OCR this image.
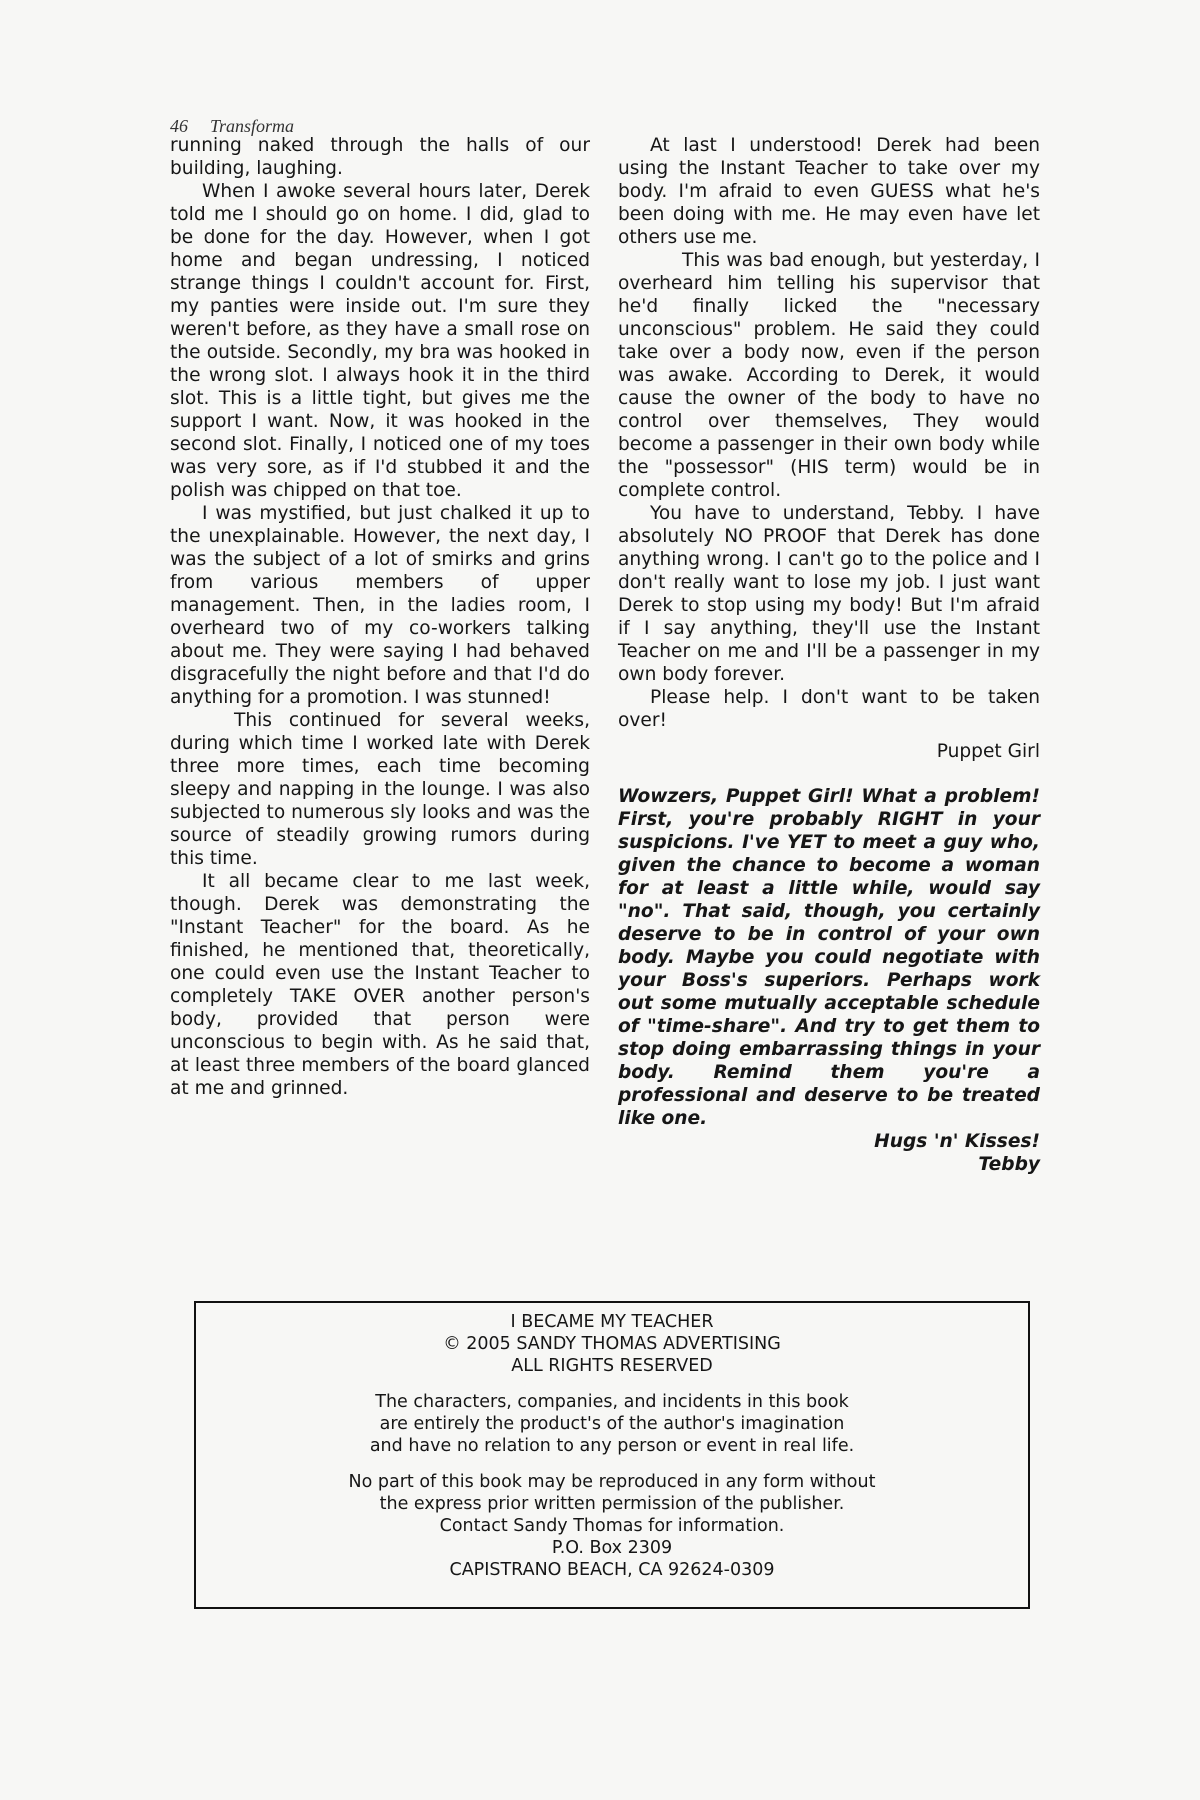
46 Transforma

running naked through the halls of our building, laughing.

When I awoke several hours later, Derek told me I should go on home. I did, glad to be done for the day. However, when I got home and began undressing, I noticed strange things I couldn't account for. First, my panties were inside out. I'm sure they weren't before, as they have a small rose on the outside. Secondly, my bra was hooked in the wrong slot. I always hook it in the third slot. This is a little tight, but gives me the support I want. Now, it was hooked in the second slot. Finally, I noticed one of my toes was very sore, as if I'd stubbed it and the polish was chipped on that toe.

I was mystified, but just chalked it up to the unexplainable. However, the next day, I was the subject of a lot of smirks and grins from various members of upper management. Then, in the ladies room, I overheard two of my co-workers talking about me. They were saying I had behaved disgracefully the night before and that I'd do anything for a promotion. I was stunned!

This continued for several weeks, during which time I worked late with Derek three more times, each time becoming sleepy and napping in the lounge. I was also subjected to numerous sly looks and was the source of steadily growing rumors during this time.

It all became clear to me last week, though. Derek was demonstrating the "Instant Teacher" for the board. As he finished, he mentioned that, theoretically, one could even use the Instant Teacher to completely TAKE OVER another person's body, provided that person were unconscious to begin with. As he said that, at least three members of the board glanced at me and grinned.

At last I understood! Derek had been using the Instant Teacher to take over my body. I'm afraid to even GUESS what he's been doing with me. He may even have let others use me.

This was bad enough, but yesterday, I overheard him telling his supervisor that he'd finally licked the "necessary unconscious" problem. He said they could take over a body now, even if the person was awake. According to Derek, it would cause the owner of the body to have no control over themselves, They would become a passenger in their own body while the "possessor" (HIS term) would be in complete control.

You have to understand, Tebby. I have absolutely NO PROOF that Derek has done anything wrong. I can't go to the police and I don't really want to lose my job. I just want Derek to stop using my body! But I'm afraid if I say anything, they'll use the Instant Teacher on me and I'll be a passenger in my own body forever.

Please help. I don't want to be taken over!

Puppet Girl

Wowzers, Puppet Girl! What a problem! First, you're probably RIGHT in your suspicions. I've YET to meet a guy who, given the chance to become a woman for at least a little while, would say "no". That said, though, you certainly deserve to be in control of your own body. Maybe you could negotiate with your Boss's superiors. Perhaps work out some mutually acceptable schedule of "time-share". And try to get them to stop doing embarrassing things in your body. Remind them you're a professional and deserve to be treated like one.

Hugs 'n' Kisses!

Tebby

I BECAME MY TEACHER

© 2005 SANDY THOMAS ADVERTISING

ALL RIGHTS RESERVED

The characters, companies, and incidents in this book

are entirely the product's of the author's imagination

and have no relation to any person or event in real life.

No part of this book may be reproduced in any form without

the express prior written permission of the publisher.

Contact Sandy Thomas for information.

P.O. Box 2309

CAPISTRANO BEACH, CA 92624-0309
